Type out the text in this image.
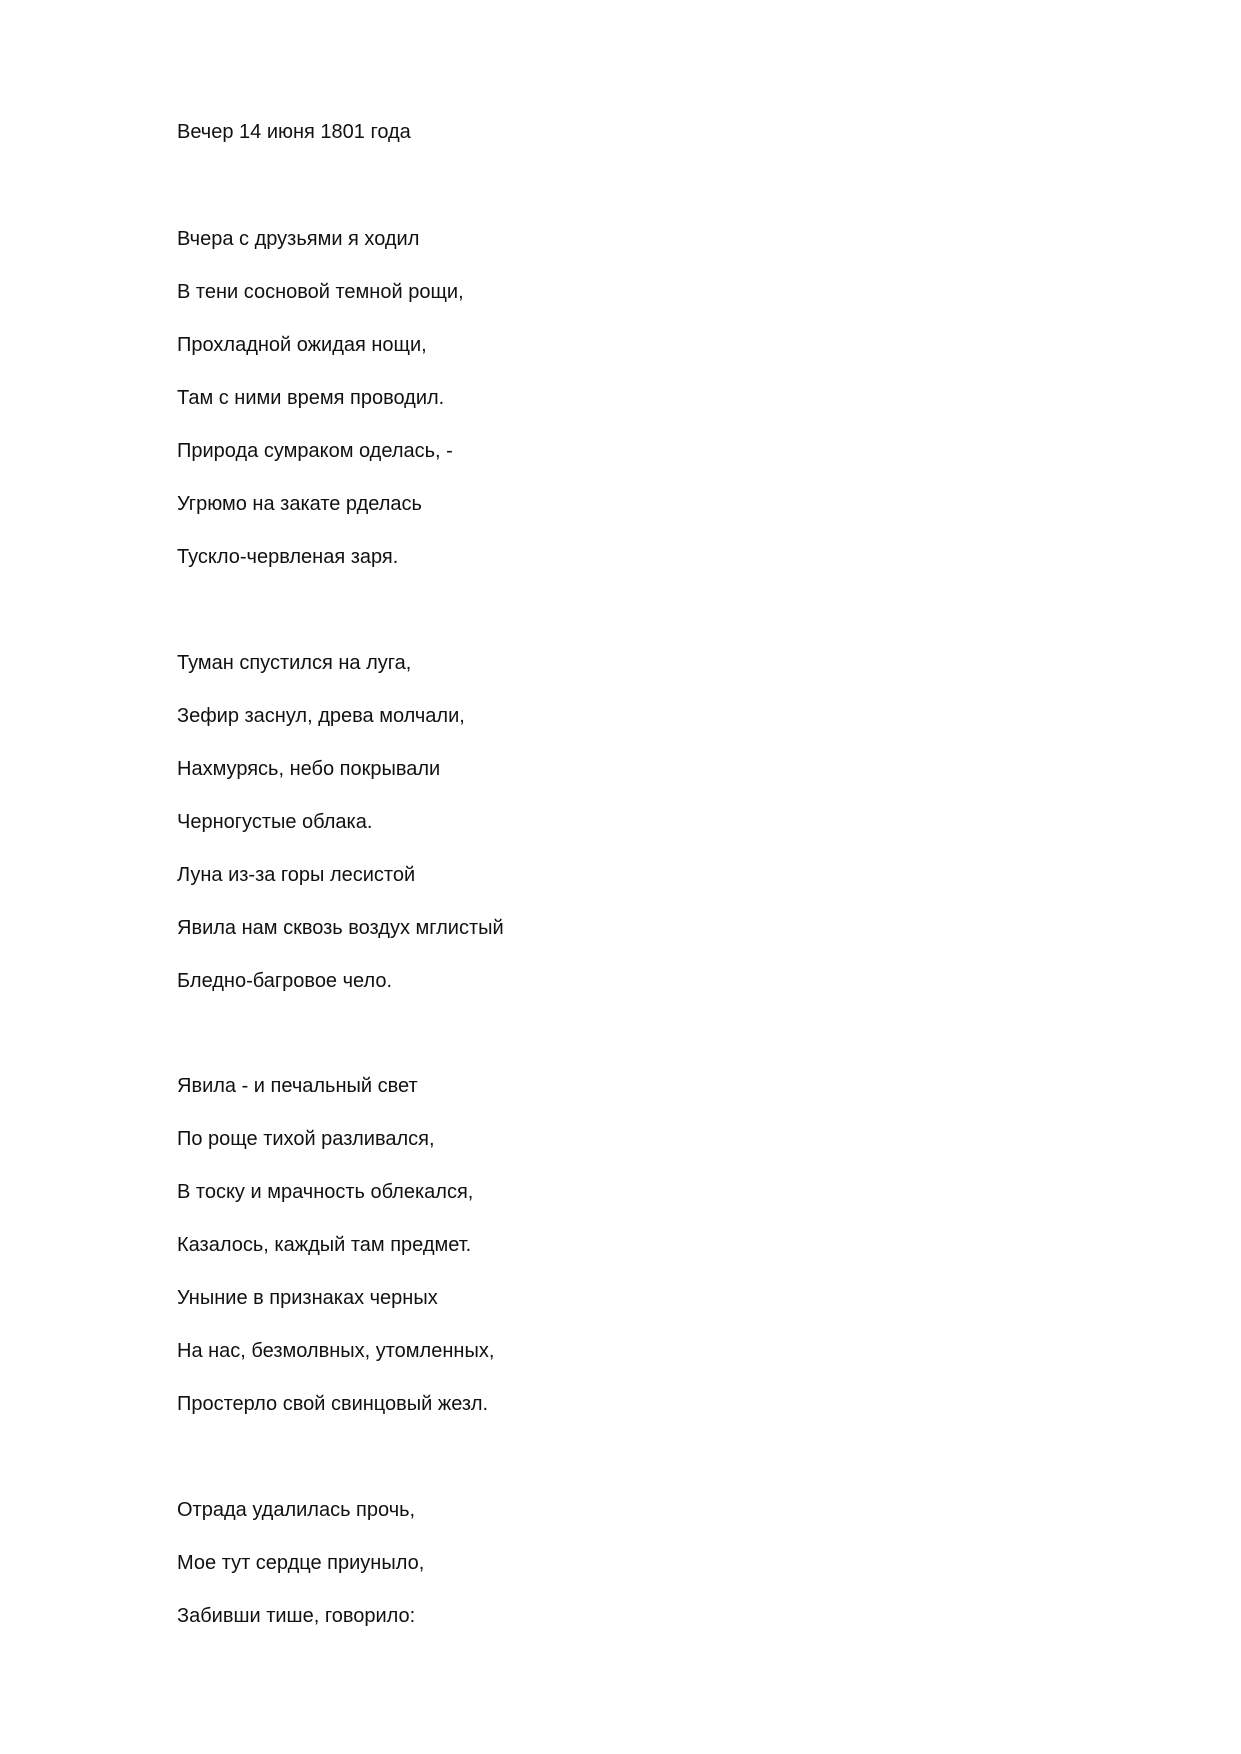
Вечер 14 июня 1801 года
Вчера с друзьями я ходил
В тени сосновой темной рощи,
Прохладной ожидая нощи,
Там с ними время проводил.
Природа сумраком оделась, -
Угрюмо на закате рделась
Тускло-червленая заря.
Туман спустился на луга,
Зефир заснул, древа молчали,
Нахмурясь, небо покрывали
Черногустые облака.
Луна из-за горы лесистой
Явила нам сквозь воздух мглистый
Бледно-багровое чело.
Явила - и печальный свет
По роще тихой разливался,
В тоску и мрачность облекался,
Казалось, каждый там предмет.
Уныние в признаках черных
На нас, безмолвных, утомленных,
Простерло свой свинцовый жезл.
Отрада удалилась прочь,
Мое тут сердце приуныло,
Забивши тише, говорило:
